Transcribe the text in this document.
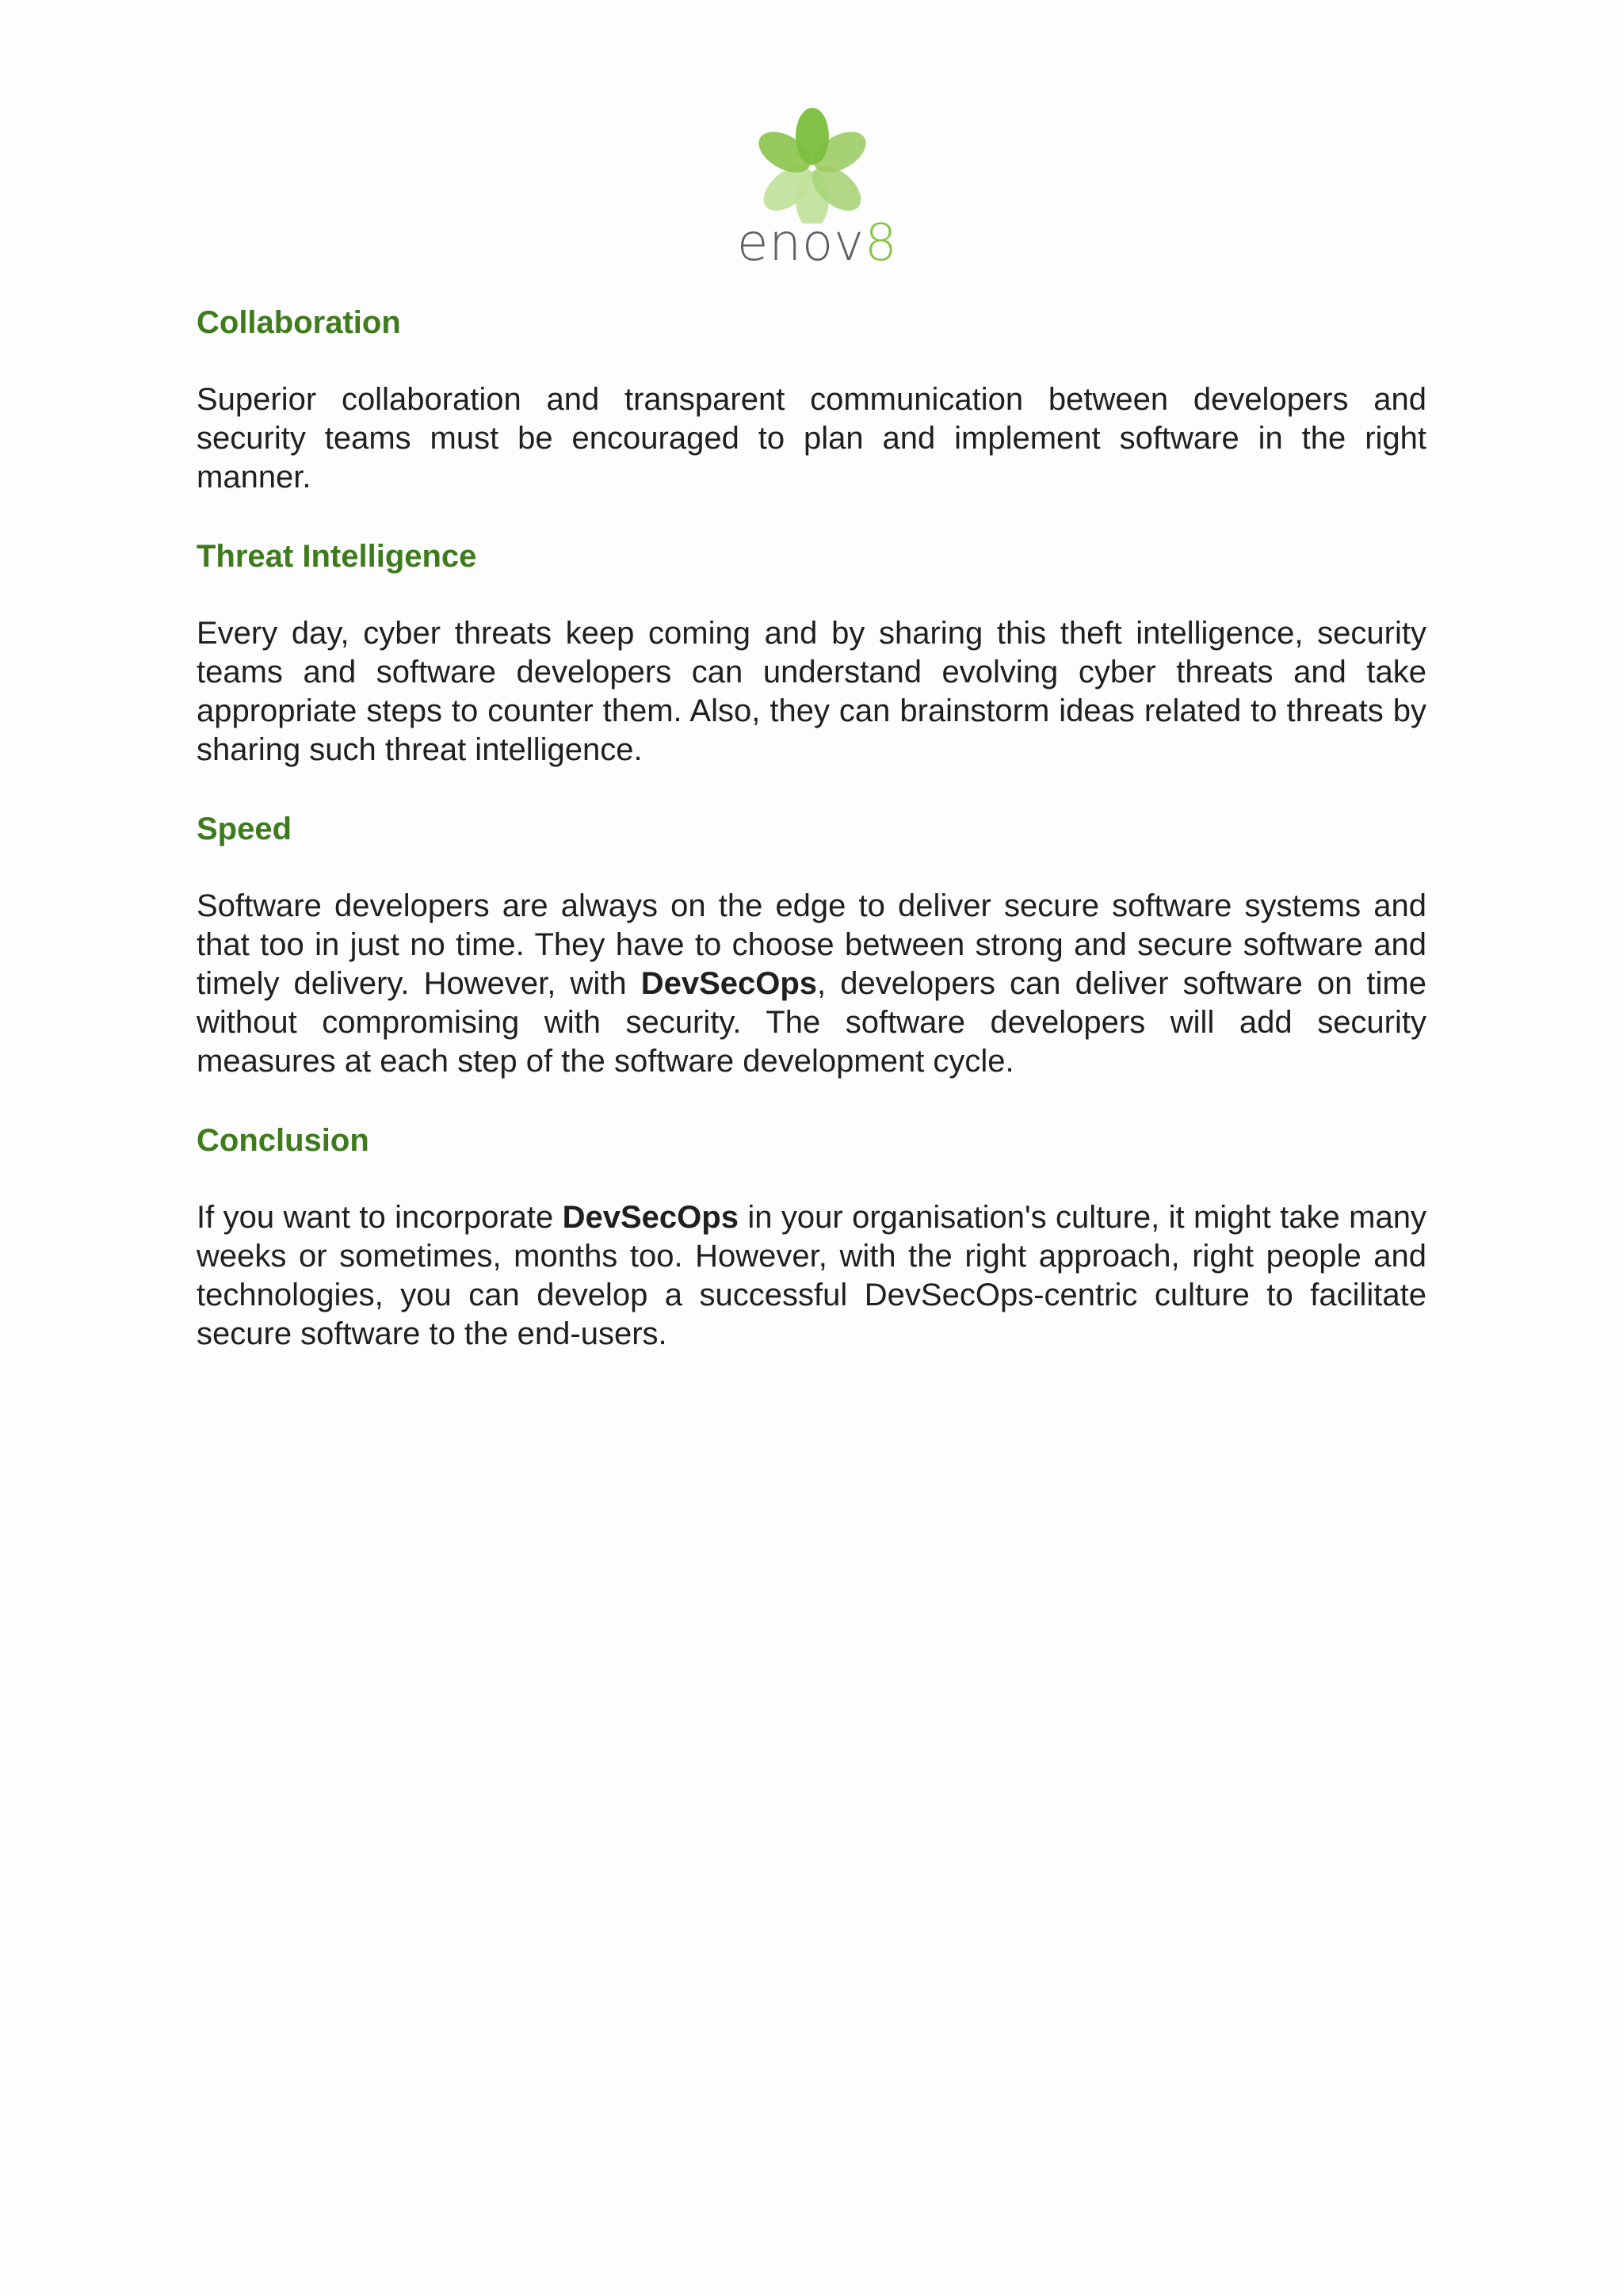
enov8
Collaboration

Superior collaboration and transparent communication between developers and security teams must be encouraged to plan and implement software in the right manner.

Threat Intelligence

Every day, cyber threats keep coming and by sharing this theft intelligence, security teams and software developers can understand evolving cyber threats and take appropriate steps to counter them. Also, they can brainstorm ideas related to threats by sharing such threat intelligence.

Speed

Software developers are always on the edge to deliver secure software systems and that too in just no time. They have to choose between strong and secure software and timely delivery. However, with DevSecOps, developers can deliver software on time without compromising with security. The software developers will add security measures at each step of the software development cycle.

Conclusion

If you want to incorporate DevSecOps in your organisation's culture, it might take many weeks or sometimes, months too. However, with the right approach, right people and technologies, you can develop a successful DevSecOps-centric culture to facilitate secure software to the end-users.
